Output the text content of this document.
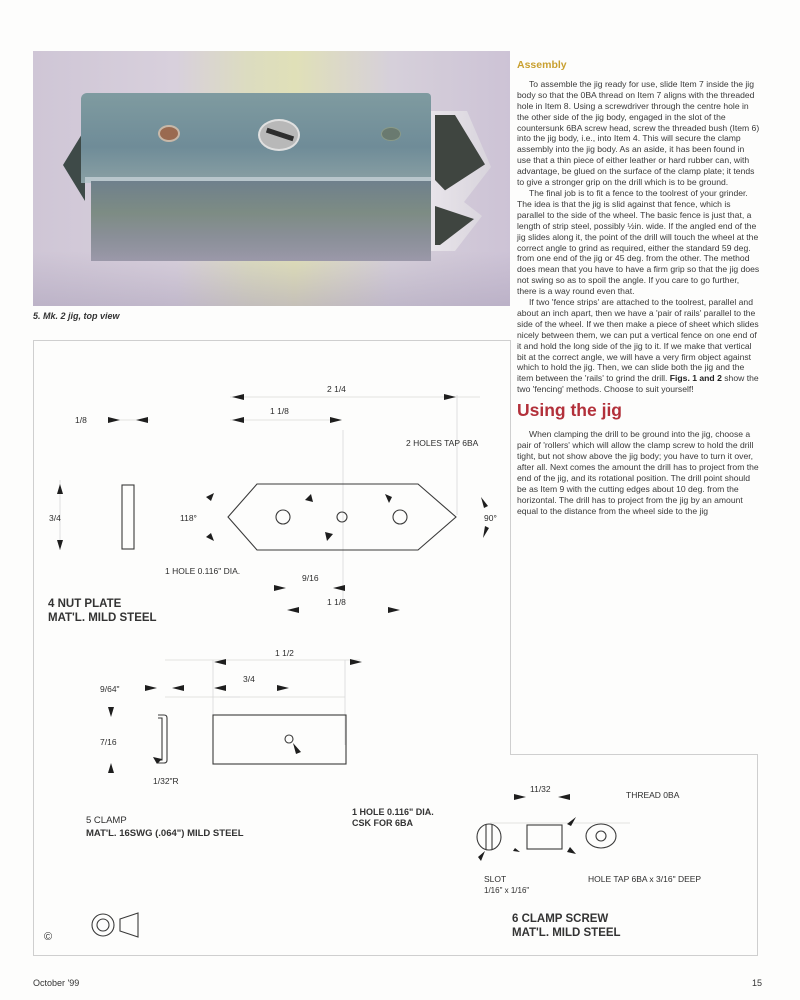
5. Mk. 2 jig, top view
Assembly

To assemble the jig ready for use, slide Item 7 inside the jig body so that the 0BA thread on Item 7 aligns with the threaded hole in Item 8. Using a screwdriver through the centre hole in the other side of the jig body, engaged in the slot of the countersunk 6BA screw head, screw the threaded bush (Item 6) into the jig body, i.e., into Item 4. This will secure the clamp assembly into the jig body. As an aside, it has been found in use that a thin piece of either leather or hard rubber can, with advantage, be glued on the surface of the clamp plate; it tends to give a stronger grip on the drill which is to be ground.

The final job is to fit a fence to the toolrest of your grinder. The idea is that the jig is slid against that fence, which is parallel to the side of the wheel. The basic fence is just that, a length of strip steel, possibly ½in. wide. If the angled end of the jig slides along it, the point of the drill will touch the wheel at the correct angle to grind as required, either the standard 59 deg. from one end of the jig or 45 deg. from the other. The method does mean that you have to have a firm grip so that the jig does not swing so as to spoil the angle. If you care to go further, there is a way round even that.

If two 'fence strips' are attached to the toolrest, parallel and about an inch apart, then we have a 'pair of rails' parallel to the side of the wheel. If we then make a piece of sheet which slides nicely between them, we can put a vertical fence on one end of it and hold the long side of the jig to it. If we make that vertical bit at the correct angle, we will have a very firm object against which to hold the jig. Then, we can slide both the jig and the item between the 'rails' to grind the drill. Figs. 1 and 2 show the two 'fencing' methods. Choose to suit yourself!

Using the jig

When clamping the drill to be ground into the jig, choose a pair of 'rollers' which will allow the clamp screw to hold the drill tight, but not show above the jig body; you have to turn it over, after all. Next comes the amount the drill has to project from the end of the jig, and its rotational position. The drill point should be as Item 9 with the cutting edges about 10 deg. from the horizontal. The drill has to project from the jig by an amount equal to the distance from the wheel side to the jig

2 1/4
1 1/8
1/8
2 HOLES TAP 6BA
3/4	118°	90°
1 HOLE 0.116" DIA.
9/16
1 1/8
4 NUT PLATE
MAT'L. MILD STEEL
1 1/2
3/4
9/64"
7/16
1/32"R
1 HOLE 0.116" DIA.
CSK FOR 6BA
5 CLAMP
MAT'L. 16SWG (.064") MILD STEEL
11/32
THREAD 0BA
SLOT
1/16" x 1/16"
HOLE TAP 6BA x 3/16" DEEP
6 CLAMP SCREW
MAT'L. MILD STEEL
©
October '99	15
